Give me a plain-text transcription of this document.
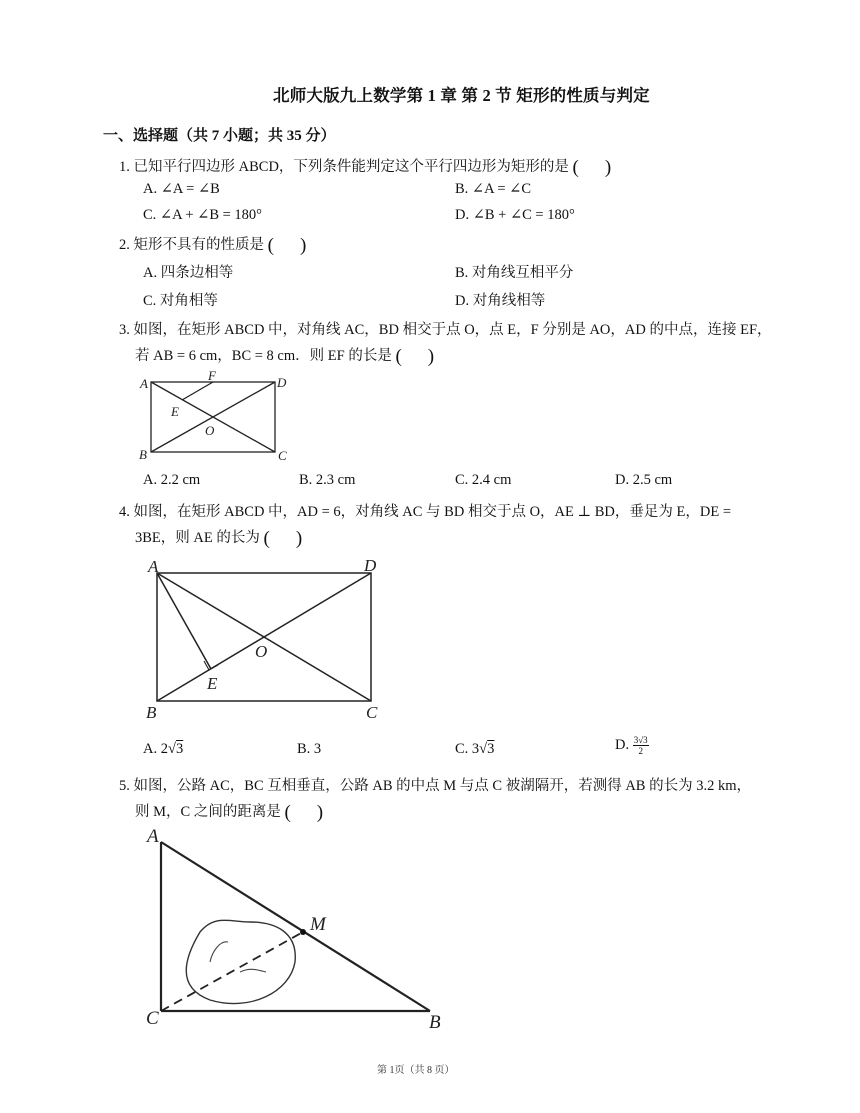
北师大版九上数学第 1 章 第 2 节 矩形的性质与判定
一、选择题（共 7 小题；共 35 分）
1. 已知平行四边形 ABCD，下列条件能判定这个平行四边形为矩形的是 ( )
A. ∠A = ∠B	B. ∠A = ∠C
C. ∠A + ∠B = 180°	D. ∠B + ∠C = 180°
2. 矩形不具有的性质是 ( )
A. 四条边相等	B. 对角线互相平分
C. 对角相等	D. 对角线相等
3. 如图，在矩形 ABCD 中，对角线 AC，BD 相交于点 O，点 E，F 分别是 AO，AD 的中点，连接 EF，
若 AB = 6 cm，BC = 8 cm．则 EF 的长是 ( )
A
F	D
E
O
B	C
A. 2.2 cm	B. 2.3 cm	C. 2.4 cm	D. 2.5 cm
4. 如图，在矩形 ABCD 中，AD = 6，对角线 AC 与 BD 相交于点 O，AE ⊥ BD，垂足为 E，DE =
3BE，则 AE 的长为 ( )
A	D
O
E
B	C
A. 2√3	B. 3	C. 3√3	D. $\frac{3√3}{2}$
5. 如图，公路 AC，BC 互相垂直，公路 AB 的中点 M 与点 C 被湖隔开，若测得 AB 的长为 3.2 km，
则 M，C 之间的距离是 ( )
A
M
C	B
第 1页（共 8 页）
